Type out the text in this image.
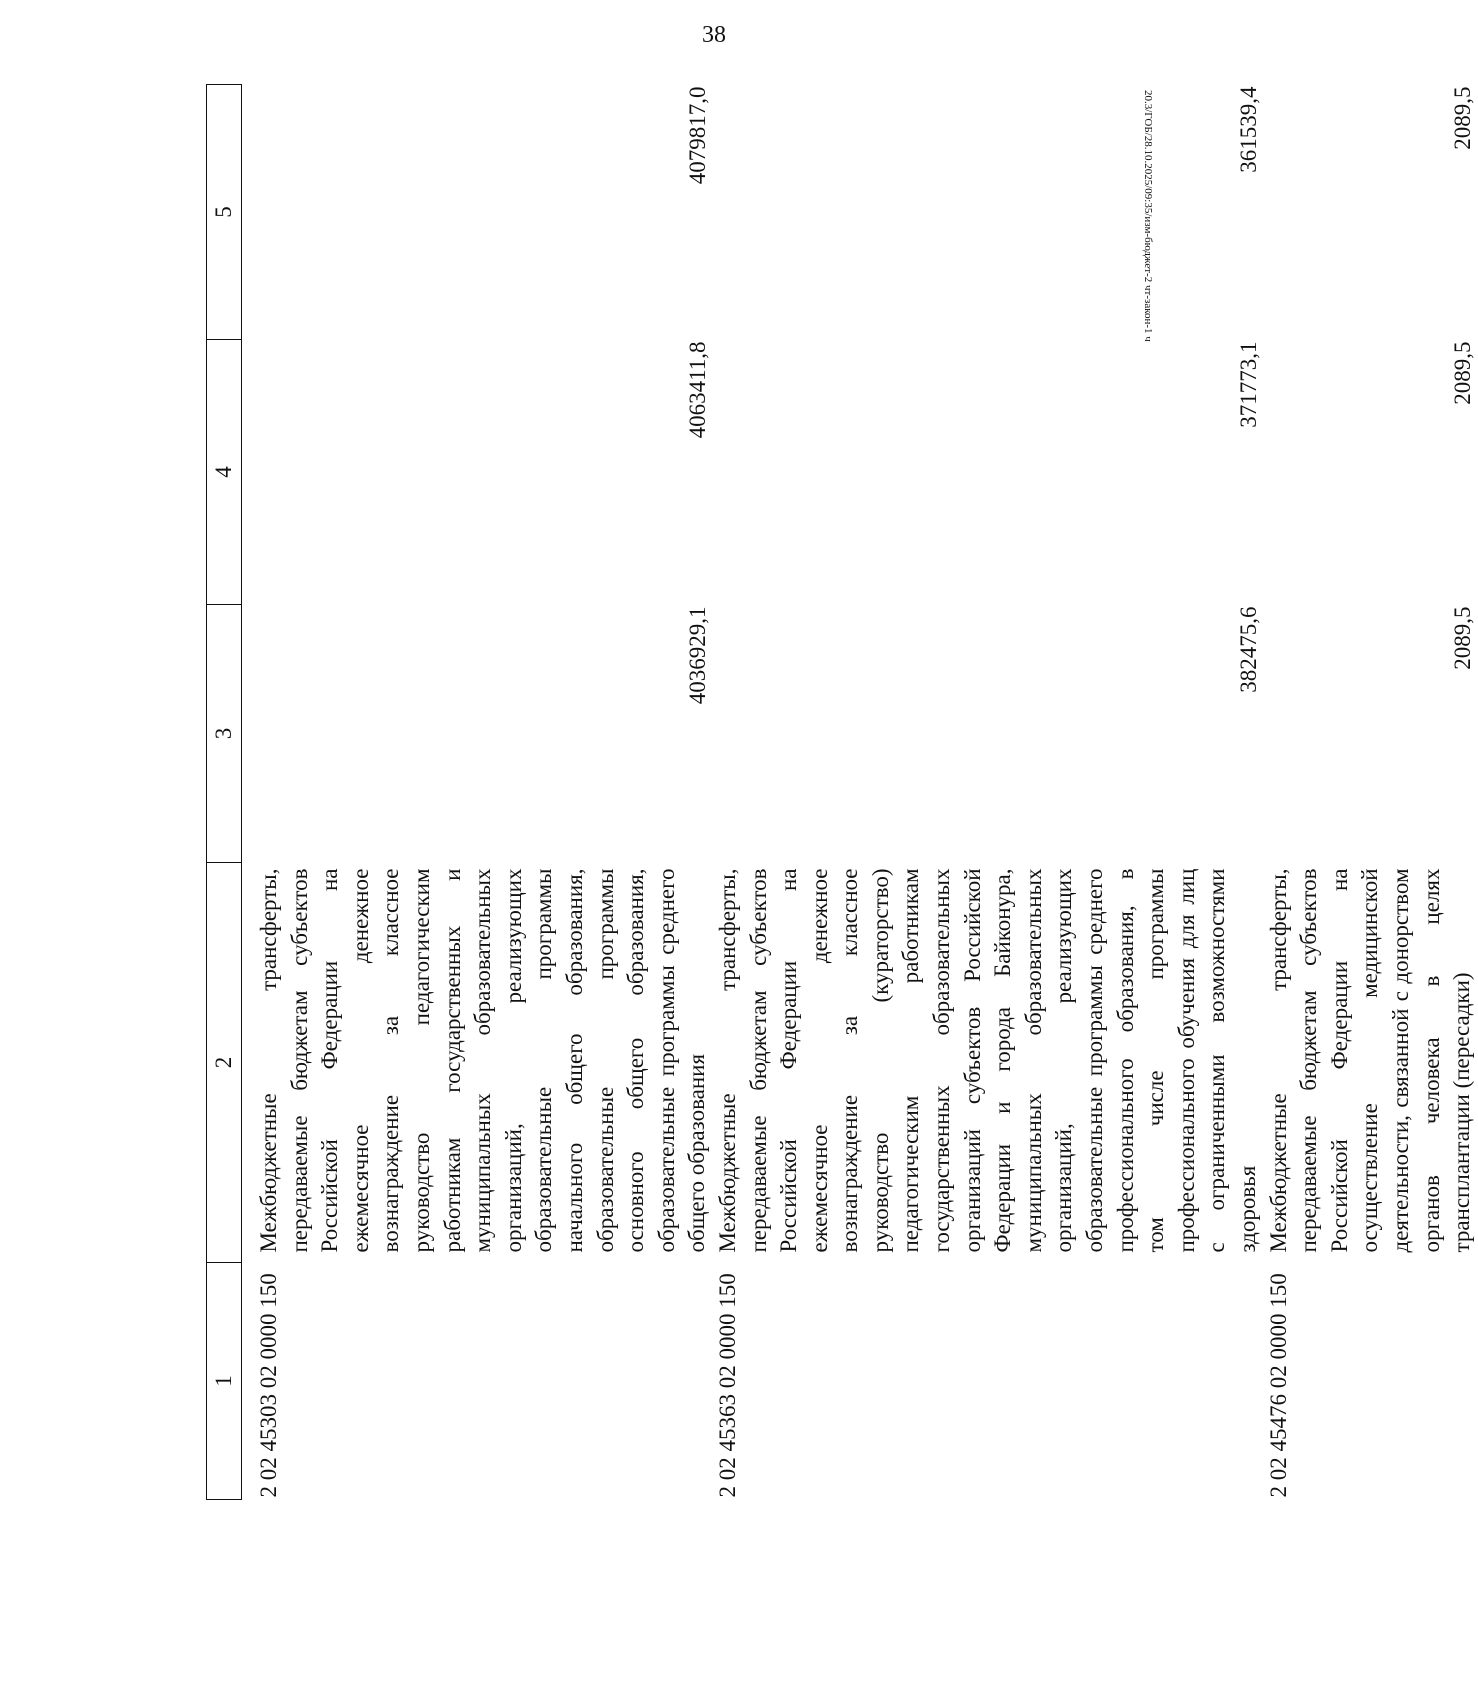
38
20.3/ГОБ/28.10.2025/09:35/изм-бюджет-2 чт-закон-1 ч
1	2	3	4	5

2 02 45303 02 0000 150	Межбюджетные трансферты, передаваемые бюджетам субъектов Российской Федерации на ежемесячное денежное вознаграждение за классное руководство педагогическим работникам государственных и муниципальных образовательных организаций, реализующих образовательные программы начального общего образования, образовательные программы основного общего образования, образовательные программы среднего общего образования	4036929,1	4063411,8	4079817,0
2 02 45363 02 0000 150	Межбюджетные трансферты, передаваемые бюджетам субъектов Российской Федерации на ежемесячное денежное вознаграждение за классное руководство (кураторство) педагогическим работникам государственных образовательных организаций субъектов Российской Федерации и города Байконура, муниципальных образовательных организаций, реализующих образовательные программы среднего профессионального образования, в том числе программы профессионального обучения для лиц с ограниченными возможностями здоровья	382475,6	371773,1	361539,4
2 02 45476 02 0000 150	Межбюджетные трансферты, передаваемые бюджетам субъектов Российской Федерации на осуществление медицинской деятельности, связанной с донорством органов человека в целях трансплантации (пересадки)	2089,5	2089,5	2089,5
